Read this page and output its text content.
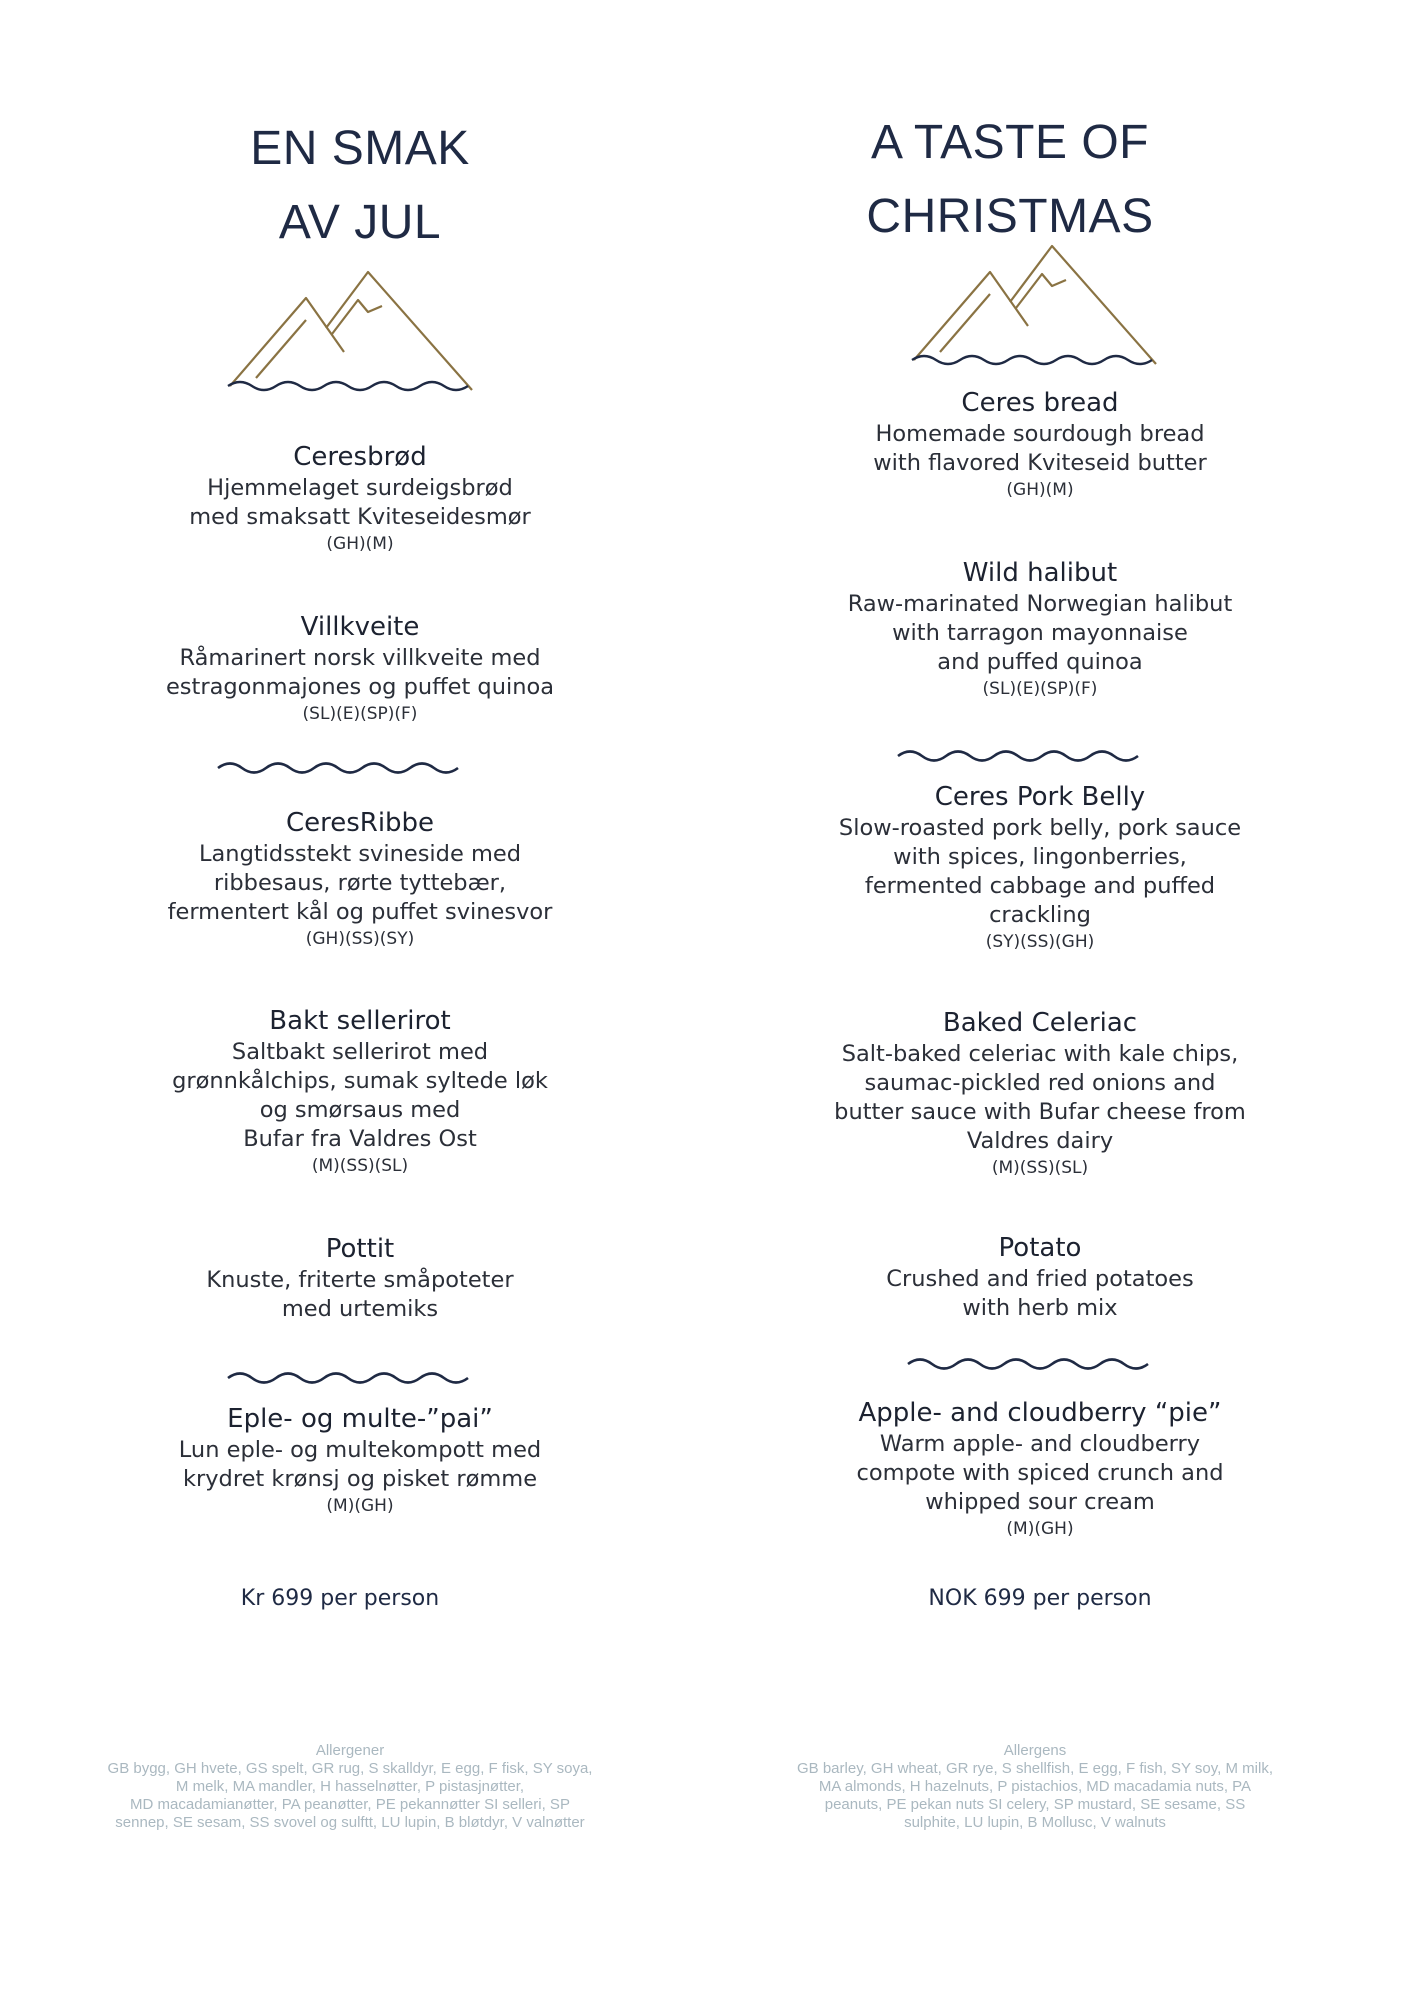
EN SMAK
AV JUL
Ceresbrød
Hjemmelaget surdeigsbrød
med smaksatt Kviteseidesmør
(GH)(M)
Villkveite
Råmarinert norsk villkveite med
estragonmajones og puffet quinoa
(SL)(E)(SP)(F)
CeresRibbe
Langtidsstekt svineside med
ribbesaus, rørte tyttebær,
fermentert kål og puffet svinesvor
(GH)(SS)(SY)
Bakt sellerirot
Saltbakt sellerirot med
grønnkålchips, sumak syltede løk
og smørsaus med
Bufar fra Valdres Ost
(M)(SS)(SL)
Pottit
Knuste, friterte småpoteter
med urtemiks
Eple- og multe-”pai”
Lun eple- og multekompott med
krydret krønsj og pisket rømme
(M)(GH)
Kr 699 per person
Allergener
GB bygg, GH hvete, GS spelt, GR rug, S skalldyr, E egg, F fisk, SY soya,
M melk, MA mandler, H hasselnøtter, P pistasjnøtter,
MD macadamianøtter, PA peanøtter, PE pekannøtter SI selleri, SP
sennep, SE sesam, SS svovel og sulftt, LU lupin, B bløtdyr, V valnøtter
A TASTE OF
CHRISTMAS
Ceres bread
Homemade sourdough bread
with flavored Kviteseid butter
(GH)(M)
Wild halibut
Raw-marinated Norwegian halibut
with tarragon mayonnaise
and puffed quinoa
(SL)(E)(SP)(F)
Ceres Pork Belly
Slow-roasted pork belly, pork sauce
with spices, lingonberries,
fermented cabbage and puffed
crackling
(SY)(SS)(GH)
Baked Celeriac
Salt-baked celeriac with kale chips,
saumac-pickled red onions and
butter sauce with Bufar cheese from
Valdres dairy
(M)(SS)(SL)
Potato
Crushed and fried potatoes
with herb mix
Apple- and cloudberry “pie”
Warm apple- and cloudberry
compote with spiced crunch and
whipped sour cream
(M)(GH)
NOK 699 per person
Allergens
GB barley, GH wheat, GR rye, S shellfish, E egg, F fish, SY soy, M milk,
MA almonds, H hazelnuts, P pistachios, MD macadamia nuts, PA
peanuts, PE pekan nuts SI celery, SP mustard, SE sesame, SS
sulphite, LU lupin, B Mollusc, V walnuts
